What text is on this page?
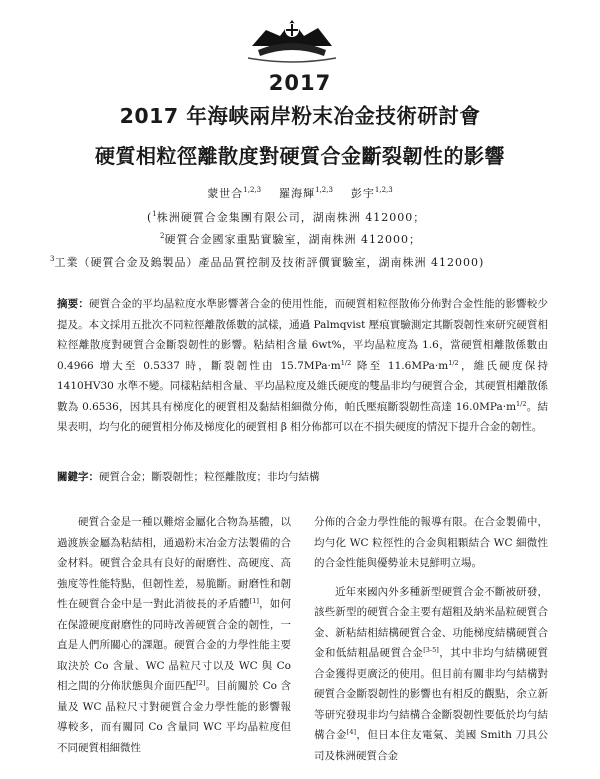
2017
2017 年海峡兩岸粉末冶金技術研討會
硬質相粒徑離散度對硬質合金斷裂韌性的影響
蒙世合$^{1,2,3}$ 羅海輝$^{1,2,3}$ 彭宇$^{1,2,3}$
($^1$株洲硬質合金集團有限公司，湖南株洲 412000；
$^2$硬質合金國家重點實驗室，湖南株洲 412000；
$^3$工業（硬質合金及鎢製品）產品品質控制及技術評價實驗室，湖南株洲 412000)
摘要：硬質合金的平均晶粒度水準影響著合金的使用性能，而硬質相粒徑散佈分佈對合金性能的影響較少提及。本文採用五批次不同粒徑離散係數的試樣，通過 Palmqvist 壓痕實驗測定其斷裂韌性來研究硬質相粒徑離散度對硬質合金斷裂韌性的影響。粘結相含量 6wt%，平均晶粒度為 1.6，當硬質相離散係數由 0.4966 增大至 0.5337 時，斷裂韌性由 $15.7MPa\cdot m^{1/2}$ 降至 $11.6MPa\cdot m^{1/2}$，維氏硬度保持 1410HV30 水準不變。同樣粘結相含量、平均晶粒度及維氏硬度的雙晶非均勻硬質合金，其硬質相離散係數為 0.6536，因其具有梯度化的硬質相及黏結相細微分佈，帕氏壓痕斷裂韌性高達 $16.0MPa\cdot m^{1/2}$。結果表明，均勻化的硬質相分佈及梯度化的硬質相 β 相分佈都可以在不損失硬度的情況下提升合金的韌性。
關鍵字：硬質合金；斷裂韌性；粒徑離散度；非均勻結構

硬質合金是一種以難熔金屬化合物為基體，以過渡族金屬為粘結相，通過粉末冶金方法製備的合金材料。硬質合金具有良好的耐磨性、高硬度、高強度等性能特點，但韌性差，易脆斷。耐磨性和韌性在硬質合金中是一對此消彼長的矛盾體[1]，如何在保證硬度耐磨性的同時改善硬質合金的韌性，一直是人們所關心的課題。硬質合金的力學性能主要取決於 Co 含量、WC 晶粒尺寸以及 WC 與 Co 相之間的分佈狀態與介面匹配[2]。目前關於 Co 含量及 WC 晶粒尺寸對硬質合金力學性能的影響報導較多，而有關同 Co 含量同 WC 平均晶粒度但不同硬質相細微性

分佈的合金力學性能的報導有限。在合金製備中，均勻化 WC 粒徑性的合金與粗顆結合 WC 細微性的合金性能與優勢並未見鮮明立場。

近年來國內外多種新型硬質合金不斷被研發，該些新型的硬質合金主要有超粗及納米晶粒硬質合金、新粘結相結構硬質合金、功能梯度結構硬質合金和低結粗晶硬質合金[3-5]，其中非均勻結構硬質合金獲得更廣泛的使用。但目前有關非均勻結構對硬質合金斷裂韌性的影響也有相反的觀點，余立新等研究發現非均勻結構合金斷裂韌性要低於均勻結構合金[4]，但日本住友電氣、美國 Smith 刀具公司及株洲硬質合金
